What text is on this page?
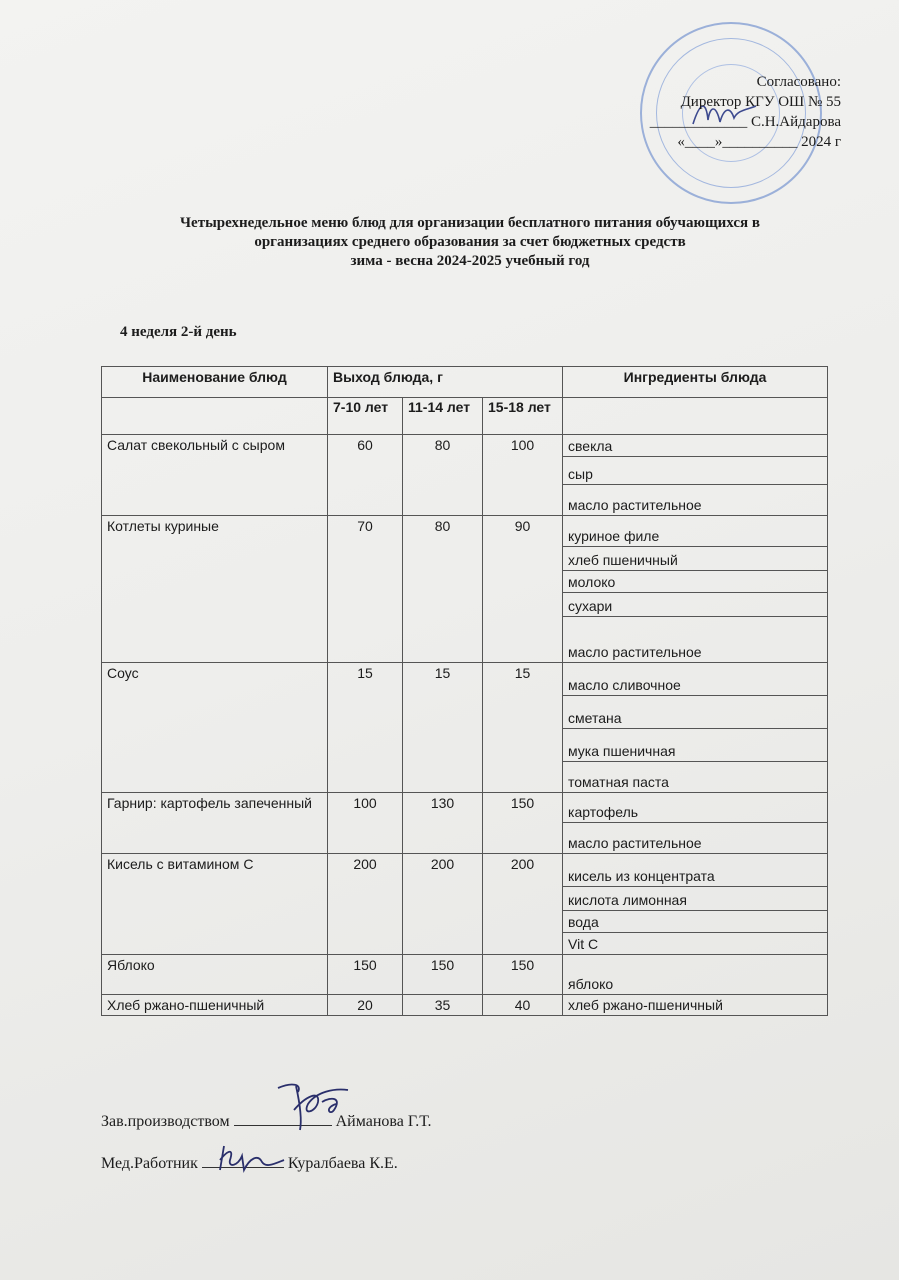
Согласовано:
Директор КГУ ОШ № 55
_____________ С.Н.Айдарова
«____»__________ 2024 г
Четырехнедельное меню блюд для организации бесплатного питания обучающихся в
организациях среднего образования за счет бюджетных средств
зима - весна 2024-2025 учебный год
4 неделя 2-й день
Наименование блюд	Выход блюда, г			Ингредиенты блюда
	7-10 лет	11-14 лет	15-18 лет	
Салат свекольный с сыром	60	80	100	свекла
				сыр
				масло растительное
Котлеты куриные	70	80	90	куриное филе
				хлеб пшеничный
				молоко
				сухари
				масло растительное
Соус	15	15	15	масло сливочное
				сметана
				мука пшеничная
				томатная паста
Гарнир: картофель запеченный	100	130	150	картофель
				масло растительное
Кисель с витамином С	200	200	200	кисель из концентрата
				кислота лимонная
				вода
				Vit C
Яблоко	150	150	150	яблоко
Хлеб ржано-пшеничный	20	35	40	хлеб ржано-пшеничный
Зав.производством	Айманова Г.Т.
Мед.Работник	Куралбаева К.Е.
